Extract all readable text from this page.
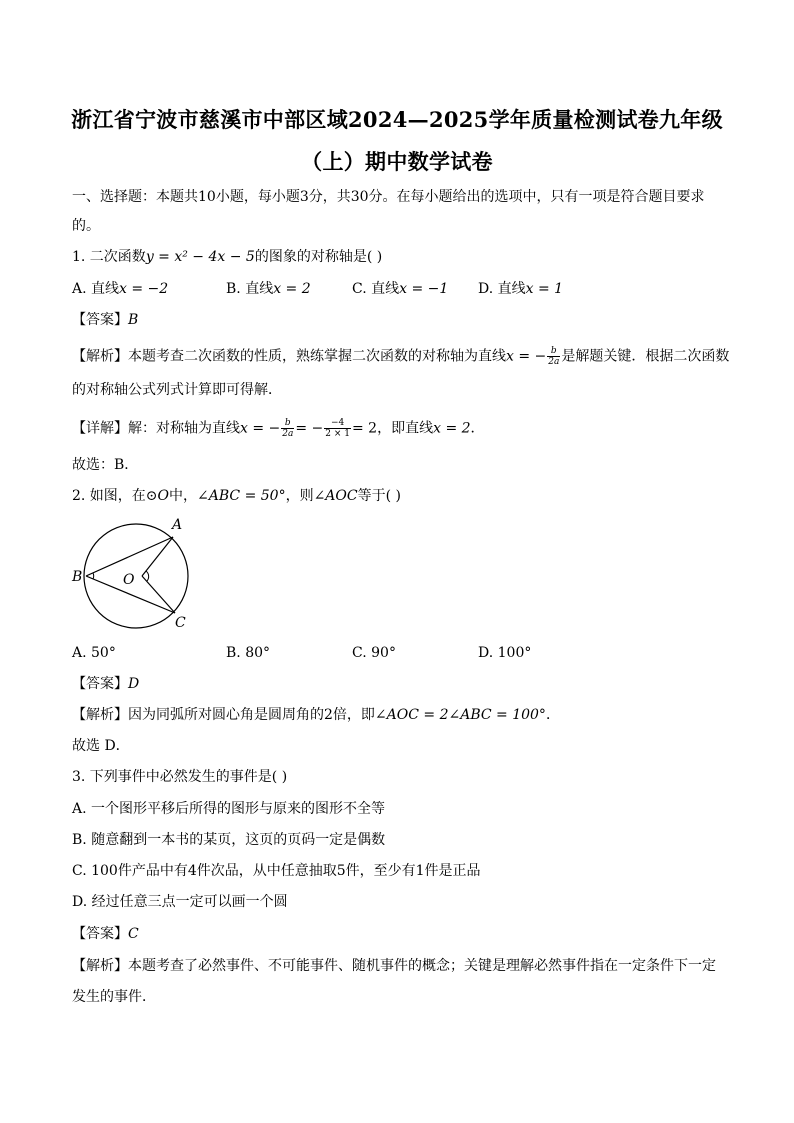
浙江省宁波市慈溪市中部区域2024—2025学年质量检测试卷九年级
（上）期中数学试卷
一、选择题：本题共10小题，每小题3分，共30分。在每小题给出的选项中，只有一项是符合题目要求
的。
1. 二次函数y = x² − 4x − 5的图象的对称轴是( )
A. 直线x = −2	B. 直线x = 2	C. 直线x = −1 D. 直线x = 1
【答案】B
【解析】本题考查二次函数的性质，熟练掌握二次函数的对称轴为直线x = − $\frac{b}{2a}$ 是解题关键．根据二次函数
的对称轴公式列式计算即可得解．
【详解】解：对称轴为直线x = − $\frac{b}{2a}$ = − $\frac{-4}{2 \times 1} = 2$，即直线x = 2．
故选：B．
2. 如图，在⊙O中，∠ABC = 50°，则∠AOC等于( )
A
B
C
O
A. 50°	B. 80°	C. 90°	D. 100°
【答案】D
【解析】因为同弧所对圆心角是圆周角的2倍，即∠AOC = 2∠ABC = 100°．
故选 D．
3. 下列事件中必然发生的事件是( )
A. 一个图形平移后所得的图形与原来的图形不全等
B. 随意翻到一本书的某页，这页的页码一定是偶数
C. 100件产品中有4件次品，从中任意抽取5件，至少有1件是正品
D. 经过任意三点一定可以画一个圆
【答案】C
【解析】本题考查了必然事件、不可能事件、随机事件的概念；关键是理解必然事件指在一定条件下一定
发生的事件．
